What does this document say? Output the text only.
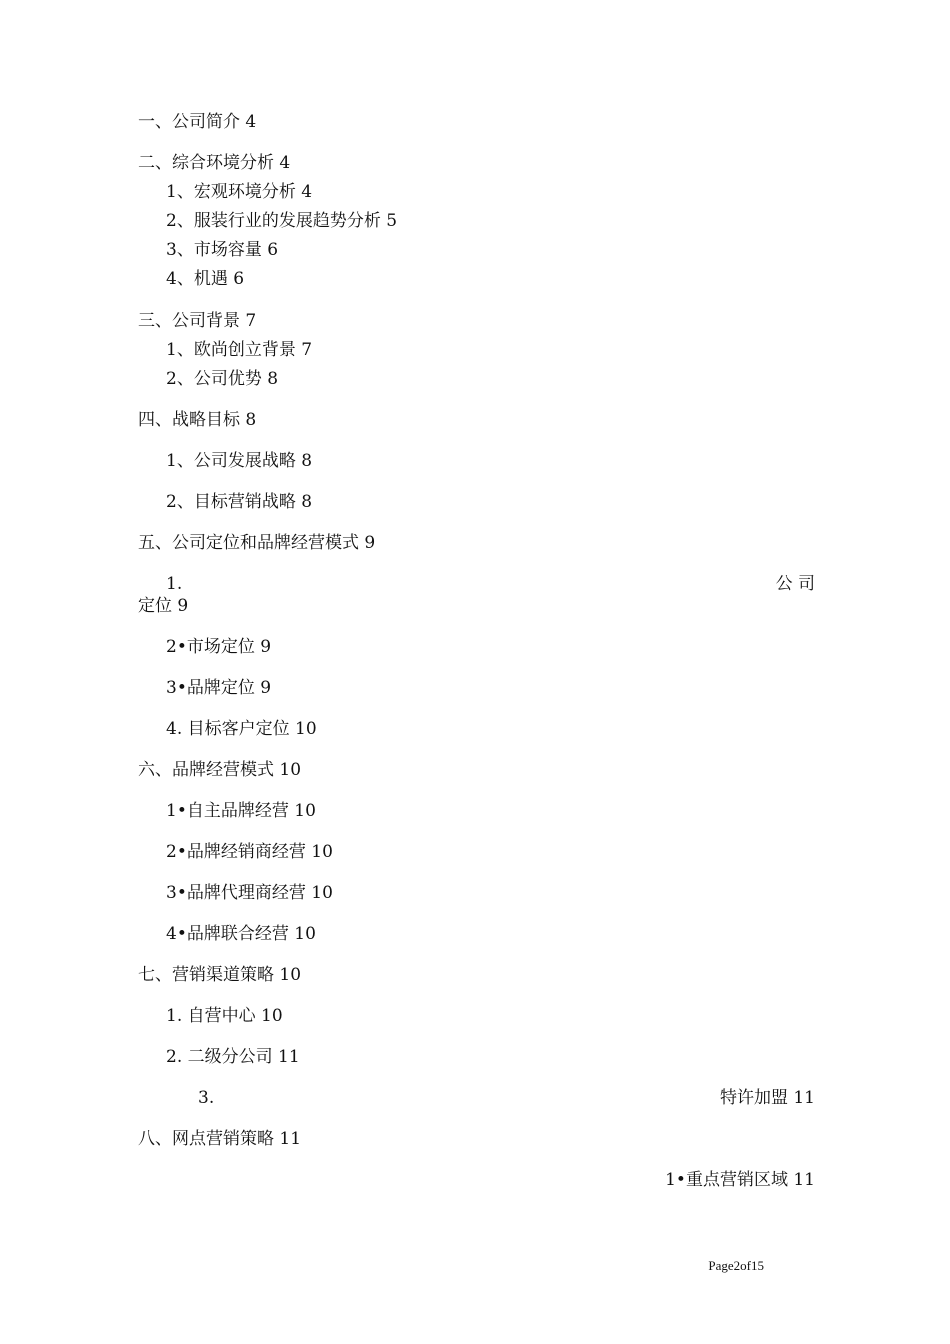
一、公司简介 4
二、综合环境分析 4
1、宏观环境分析 4
2、服装行业的发展趋势分析 5
3、市场容量 6
4、机遇 6
三、公司背景 7
1、欧尚创立背景 7
2、公司优势 8
四、战略目标 8
1、公司发展战略 8
2、目标营销战略 8
五、公司定位和品牌经营模式 9
1.	公 司
定位 9
2•市场定位 9
3•品牌定位 9
4. 目标客户定位 10
六、品牌经营模式 10
1•自主品牌经营 10
2•品牌经销商经营 10
3•品牌代理商经营 10
4•品牌联合经营 10
七、营销渠道策略 10
1. 自营中心 10
2. 二级分公司 11
3.	特许加盟 11
八、网点营销策略 11
1•重点营销区域 11
Page2of15
